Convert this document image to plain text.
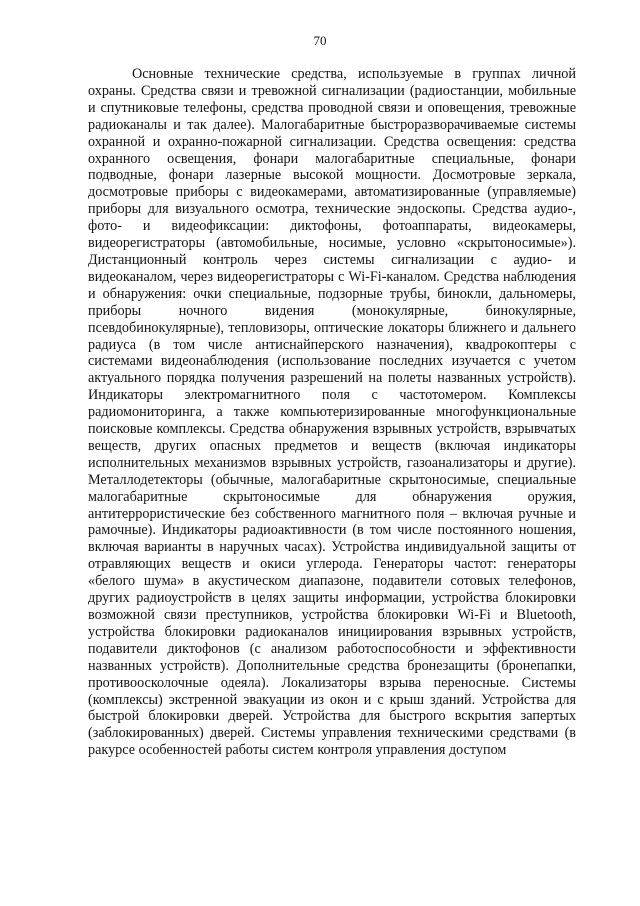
70

Основные технические средства, используемые в группах личной охраны. Средства связи и тревожной сигнализации (радиостанции, мобильные и спутниковые телефоны, средства проводной связи и оповещения, тревожные радиоканалы и так далее). Малогабаритные быстроразворачиваемые системы охранной и охранно-пожарной сигнализации. Средства освещения: средства охранного освещения, фонари малогабаритные специальные, фонари подводные, фонари лазерные высокой мощности. Досмотровые зеркала, досмотровые приборы с видеокамерами, автоматизированные (управляемые) приборы для визуального осмотра, технические эндоскопы. Средства аудио-, фото- и видеофиксации: диктофоны, фотоаппараты, видеокамеры, видеорегистраторы (автомобильные, носимые, условно «скрытоносимые»). Дистанционный контроль через системы сигнализации с аудио- и видеоканалом, через видеорегистраторы с Wi-Fi-каналом. Средства наблюдения и обнаружения: очки специальные, подзорные трубы, бинокли, дальномеры, приборы ночного видения (монокулярные, бинокулярные, псевдобинокулярные), тепловизоры, оптические локаторы ближнего и дальнего радиуса (в том числе антиснайперского назначения), квадрокоптеры с системами видеонаблюдения (использование последних изучается с учетом актуального порядка получения разрешений на полеты названных устройств). Индикаторы электромагнитного поля с частотомером. Комплексы радиомониторинга, а также компьютеризированные многофункциональные поисковые комплексы. Средства обнаружения взрывных устройств, взрывчатых веществ, других опасных предметов и веществ (включая индикаторы исполнительных механизмов взрывных устройств, газоанализаторы и другие). Металлодетекторы (обычные, малогабаритные скрытоносимые, специальные малогабаритные скрытоносимые для обнаружения оружия, антитеррористические без собственного магнитного поля – включая ручные и рамочные). Индикаторы радиоактивности (в том числе постоянного ношения, включая варианты в наручных часах). Устройства индивидуальной защиты от отравляющих веществ и окиси углерода. Генераторы частот: генераторы «белого шума» в акустическом диапазоне, подавители сотовых телефонов, других радиоустройств в целях защиты информации, устройства блокировки возможной связи преступников, устройства блокировки Wi-Fi и Bluetooth, устройства блокировки радиоканалов инициирования взрывных устройств, подавители диктофонов (с анализом работоспособности и эффективности названных устройств). Дополнительные средства бронезащиты (бронепапки, противоосколочные одеяла). Локализаторы взрыва переносные. Системы (комплексы) экстренной эвакуации из окон и с крыш зданий. Устройства для быстрой блокировки дверей. Устройства для быстрого вскрытия запертых (заблокированных) дверей. Системы управления техническими средствами (в ракурсе особенностей работы систем контроля управления доступом
